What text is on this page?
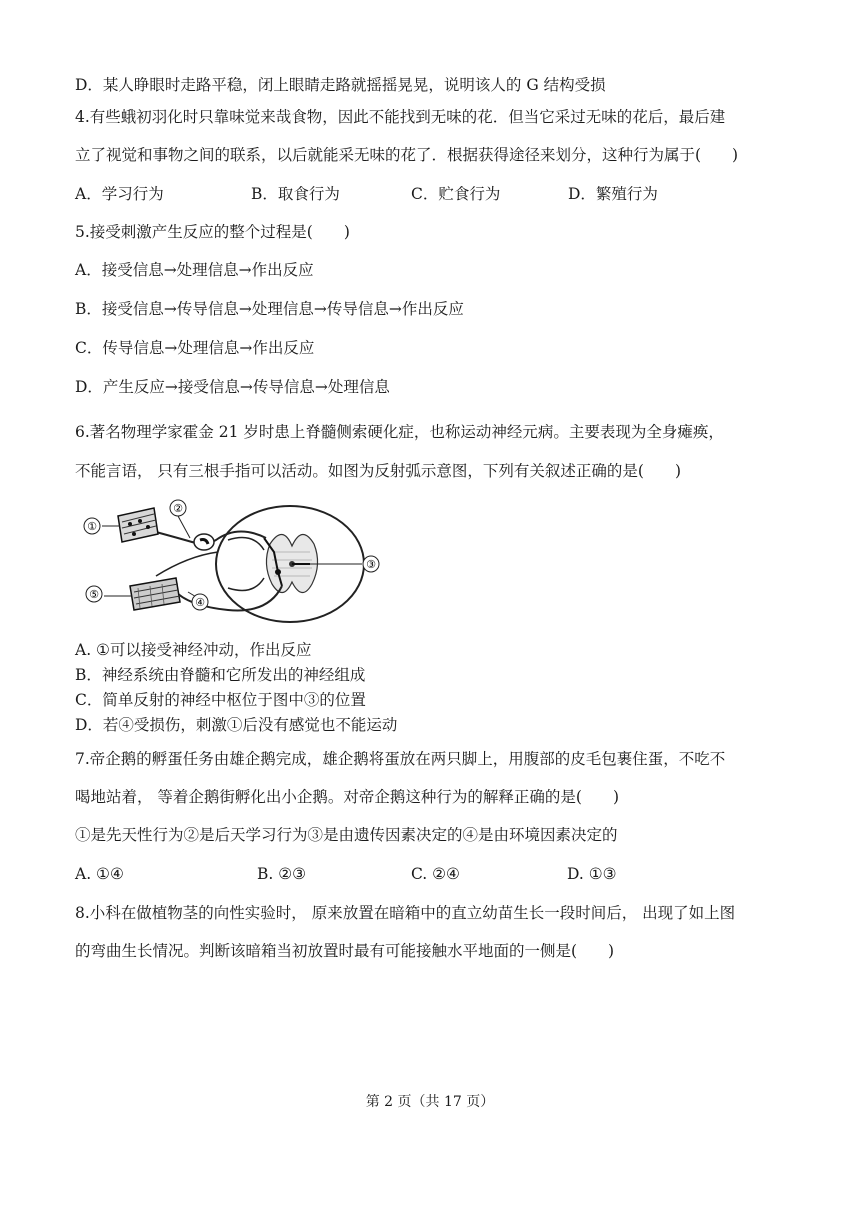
D．某人睁眼时走路平稳，闭上眼睛走路就摇摇晃晃，说明该人的 G 结构受损
4.有些蛾初羽化时只靠味觉来哉食物，因此不能找到无味的花．但当它采过无味的花后，最后建
立了视觉和事物之间的联系，以后就能采无味的花了．根据获得途径来划分，这种行为属于(　　)
A．学习行为	B．取食行为	C．贮食行为	D．繁殖行为
5.接受刺激产生反应的整个过程是(　　)
A．接受信息→处理信息→作出反应
B．接受信息→传导信息→处理信息→传导信息→作出反应
C．传导信息→处理信息→作出反应
D．产生反应→接受信息→传导信息→处理信息
6.著名物理学家霍金 21 岁时患上脊髓侧索硬化症，也称运动神经元病。主要表现为全身瘫痪，
不能言语， 只有三根手指可以活动。如图为反射弧示意图，下列有关叙述正确的是(　　)
①
②
③
④
⑤
A. ①可以接受神经冲动，作出反应
B．神经系统由脊髓和它所发出的神经组成
C．简单反射的神经中枢位于图中③的位置
D．若④受损伤，刺激①后没有感觉也不能运动
7.帝企鹅的孵蛋任务由雄企鹅完成，雄企鹅将蛋放在两只脚上，用腹部的皮毛包裹住蛋，不吃不
喝地站着， 等着企鹅街孵化出小企鹅。对帝企鹅这种行为的解释正确的是(　　)
①是先天性行为②是后天学习行为③是由遗传因素决定的④是由环境因素决定的
A. ①④	B. ②③	C. ②④	D. ①③
8.小科在做植物茎的向性实验时， 原来放置在暗箱中的直立幼苗生长一段时间后， 出现了如上图
的弯曲生长情况。判断该暗箱当初放置时最有可能接触水平地面的一侧是(　　)
第 2 页（共 17 页）
